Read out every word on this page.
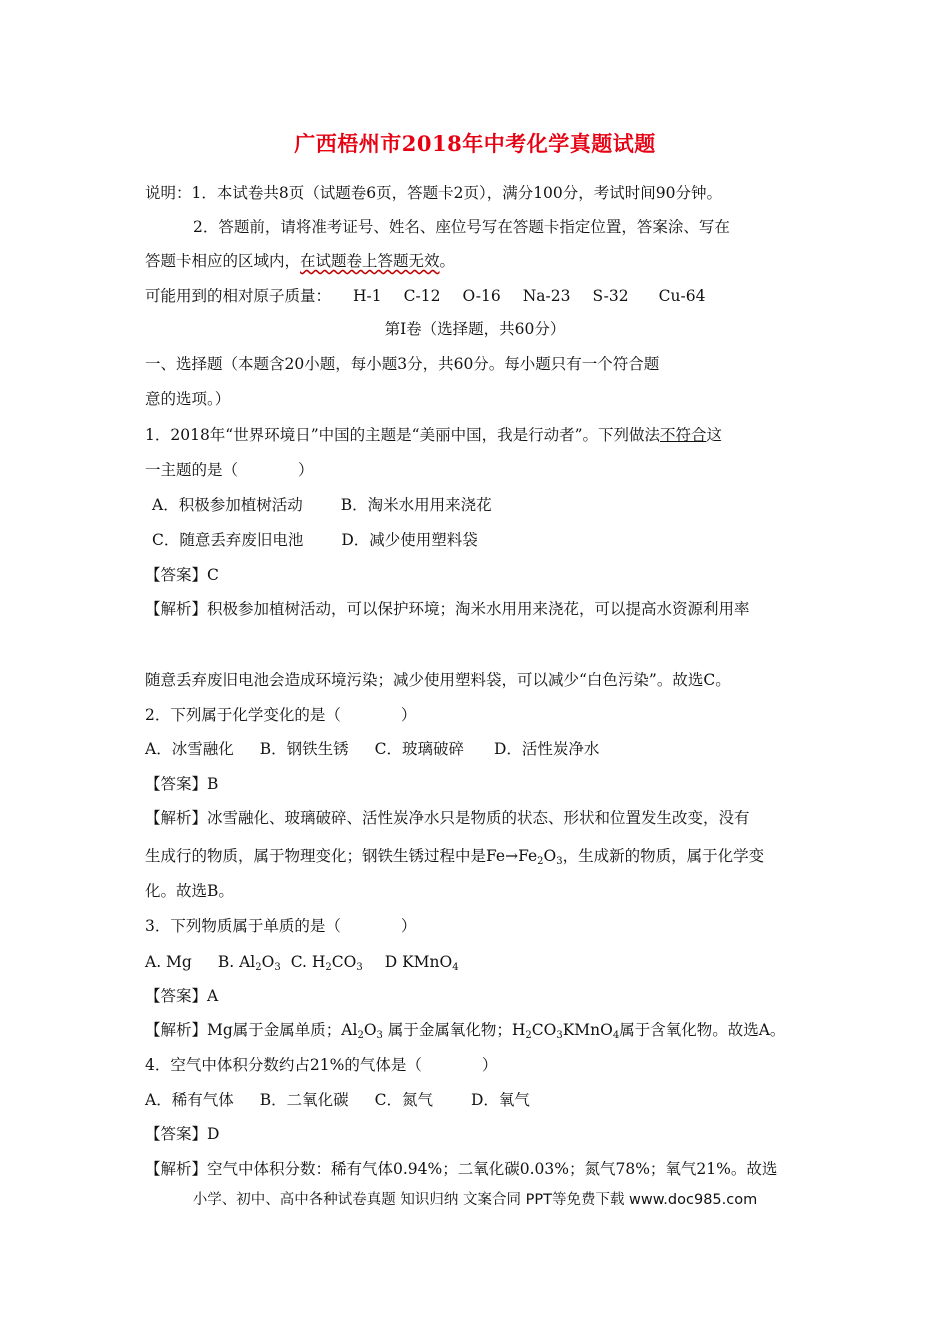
广西梧州市2018年中考化学真题试题
说明：1．本试卷共8页（试题卷6页，答题卡2页），满分100分，考试时间90分钟。
2．答题前，请将准考证号、姓名、座位号写在答题卡指定位置，答案涂、写在
答题卡相应的区域内，在试题卷上答题无效。
可能用到的相对原子质量： H-1 C-12 O-16 Na-23 S-32 Cu-64
第Ⅰ卷（选择题，共60分）
一、选择题（本题含20小题，每小题3分，共60分。每小题只有一个符合题
意的选项。）
1．2018年“世界环境日”中国的主题是“美丽中国，我是行动者”。下列做法不符合这
一主题的是（	）
A．积极参加植树活动 B．淘米水用用来浇花
C．随意丢弃废旧电池 D．减少使用塑料袋
【答案】C
【解析】积极参加植树活动，可以保护环境；淘米水用用来浇花，可以提高水资源利用率
随意丢弃废旧电池会造成环境污染；减少使用塑料袋，可以减少“白色污染”。故选C。
2．下列属于化学变化的是（	）
A．冰雪融化 B．钢铁生锈 C．玻璃破碎 D．活性炭净水
【答案】B
【解析】冰雪融化、玻璃破碎、活性炭净水只是物质的状态、形状和位置发生改变，没有
生成行的物质，属于物理变化；钢铁生锈过程中是$Fe\to Fe_2O_3$，生成新的物质，属于化学变
化。故选B。
3．下列物质属于单质的是（	）
A. Mg B. $Al_2O_3$ C. $H_2CO_3$ D KMnO$_4$
【答案】A
【解析】Mg属于金属单质；$Al_2O_3$ 属于金属氧化物；$H_2CO_3KMnO_4$属于含氧化物。故选A。
4．空气中体积分数约占21%的气体是（	）
A．稀有气体 B．二氧化碳 C．氮气 D．氧气
【答案】D
【解析】空气中体积分数：稀有气体0.94%；二氧化碳0.03%；氮气78%；氧气21%。故选
小学、初中、高中各种试卷真题 知识归纳 文案合同 PPT等免费下载 www.doc985.com
